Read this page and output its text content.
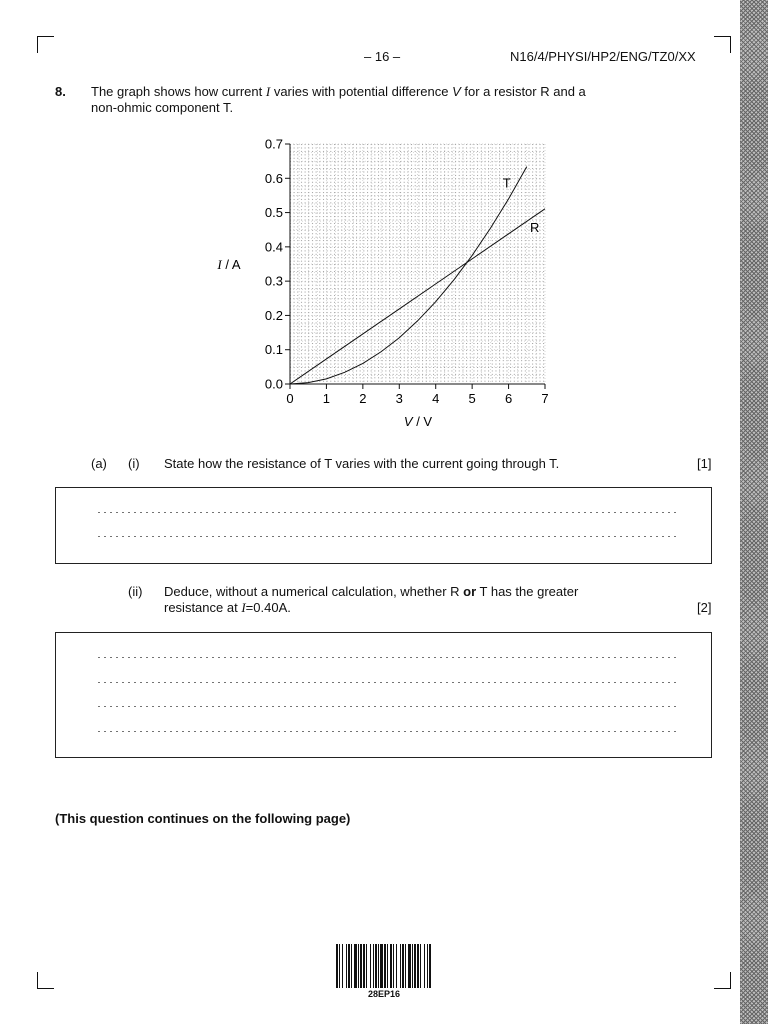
– 16 –	N16/4/PHYSI/HP2/ENG/TZ0/XX
8. The graph shows how current I varies with potential difference V for a resistor R and a
non-ohmic component T.
0 1 2 3 4 5 6 7
0.0
0.1
0.2
0.3
0.4
0.5
0.6
0.7
R
T
I / A
V / V
(a) (i) State how the resistance of T varies with the current going through T.	[1]
(ii) Deduce, without a numerical calculation, whether R or T has the greater
resistance at I=0.40A.	[2]
(This question continues on the following page)
28EP16
